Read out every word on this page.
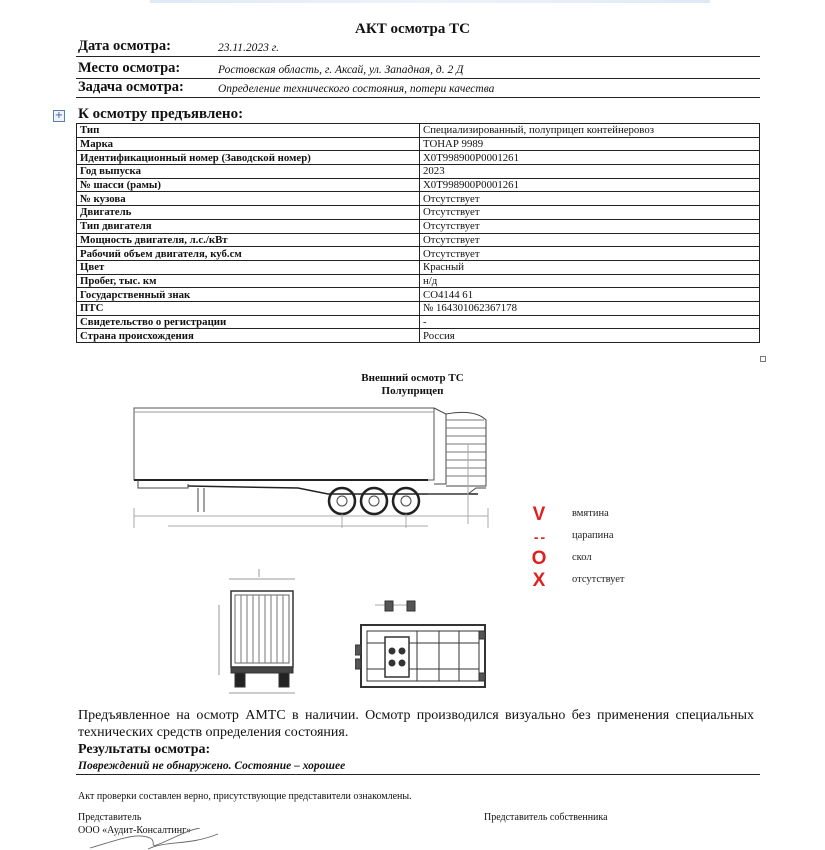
АКТ осмотра ТС
Дата осмотра:	23.11.2023 г.
Место осмотра:	Ростовская область, г. Аксай, ул. Западная, д. 2 Д
Задача осмотра:	Определение технического состояния, потери качества
+ К осмотру предъявлено:
Тип	Специализированный, полуприцеп контейнеровоз
Марка	ТОНАР 9989
Идентификационный номер (Заводской номер)	X0T998900P0001261
Год выпуска	2023
№ шасси (рамы)	X0T998900P0001261
№ кузова	Отсутствует
Двигатель	Отсутствует
Тип двигателя	Отсутствует
Мощность двигателя, л.с./кВт	Отсутствует
Рабочий объем двигателя, куб.см	Отсутствует
Цвет	Красный
Пробег, тыс. км	н/д
Государственный знак	СО4144 61
ПТС	№ 164301062367178
Свидетельство о регистрации	-
Страна происхождения	Россия
Внешний осмотр ТС
Полуприцеп
V	вмятина
- -	царапина
O	скол
X	отсутствует
Предъявленное на осмотр АМТС в наличии. Осмотр производился визуально без применения специальных технических средств определения состояния.
Результаты осмотра:
Повреждений не обнаружено. Состояние – хорошее
Акт проверки составлен верно, присутствующие представители ознакомлены.
Представитель
ООО «Аудит-Консалтинг»
Представитель собственника
